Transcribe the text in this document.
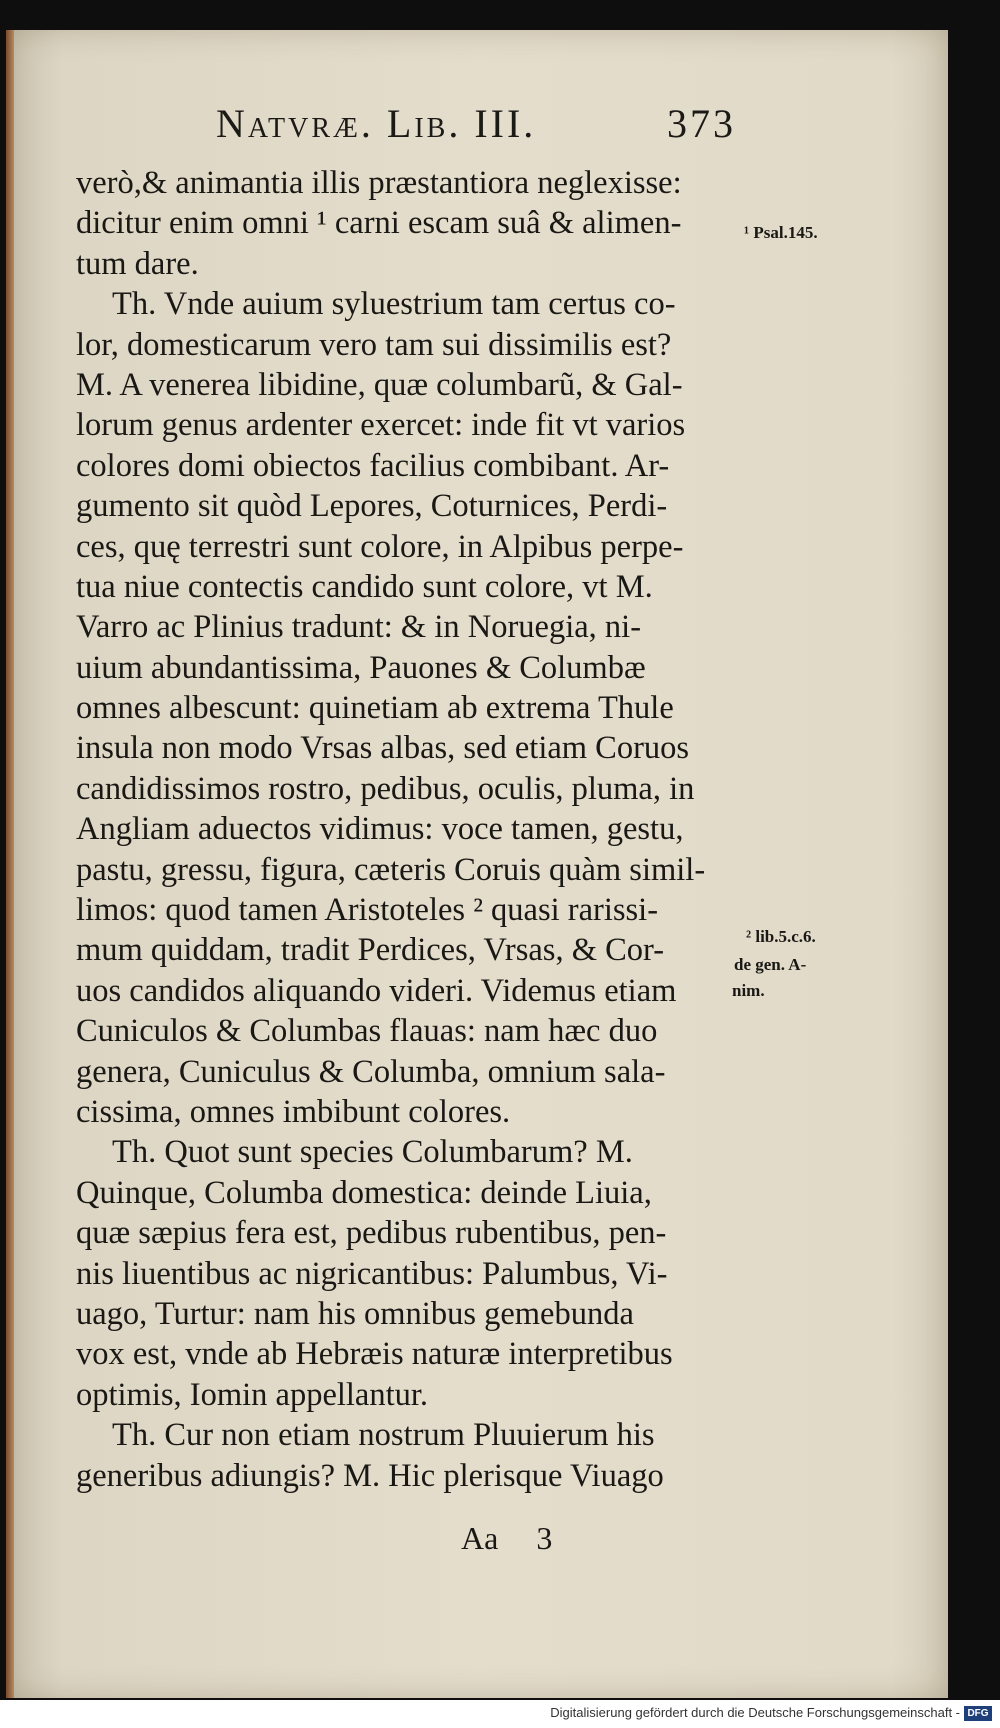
Natvræ. Lib. III.	373
verò,& animantia illis præstantiora neglexisse:
dicitur enim omni ¹ carni escam suâ & alimen-
tum dare.
Th. Vnde auium syluestrium tam certus co-
lor, domesticarum vero tam sui dissimilis est?
M. A venerea libidine, quæ columbarũ, & Gal-
lorum genus ardenter exercet: inde fit vt varios
colores domi obiectos facilius combibant. Ar-
gumento sit quòd Lepores, Coturnices, Perdi-
ces, quę terrestri sunt colore, in Alpibus perpe-
tua niue contectis candido sunt colore, vt M.
Varro ac Plinius tradunt: & in Noruegia, ni-
uium abundantissima, Pauones & Columbæ
omnes albescunt: quinetiam ab extrema Thule
insula non modo Vrsas albas, sed etiam Coruos
candidissimos rostro, pedibus, oculis, pluma, in
Angliam aduectos vidimus: voce tamen, gestu,
pastu, gressu, figura, cæteris Coruis quàm simil-
limos: quod tamen Aristoteles ² quasi rarissi-
mum quiddam, tradit Perdices, Vrsas, & Cor-
uos candidos aliquando videri. Videmus etiam
Cuniculos & Columbas flauas: nam hæc duo
genera, Cuniculus & Columba, omnium sala-
cissima, omnes imbibunt colores.
Th. Quot sunt species Columbarum? M.
Quinque, Columba domestica: deinde Liuia,
quæ sæpius fera est, pedibus rubentibus, pen-
nis liuentibus ac nigricantibus: Palumbus, Vi-
uago, Turtur: nam his omnibus gemebunda
vox est, vnde ab Hebræis naturæ interpretibus
optimis, Iomin appellantur.
Th. Cur non etiam nostrum Pluuierum his
generibus adiungis? M. Hic plerisque Viuago
¹ Psal.145.
² lib.5.c.6.
de gen. A-
nim.
Aa 3
Digitalisierung gefördert durch die Deutsche Forschungsgemeinschaft - DFG
